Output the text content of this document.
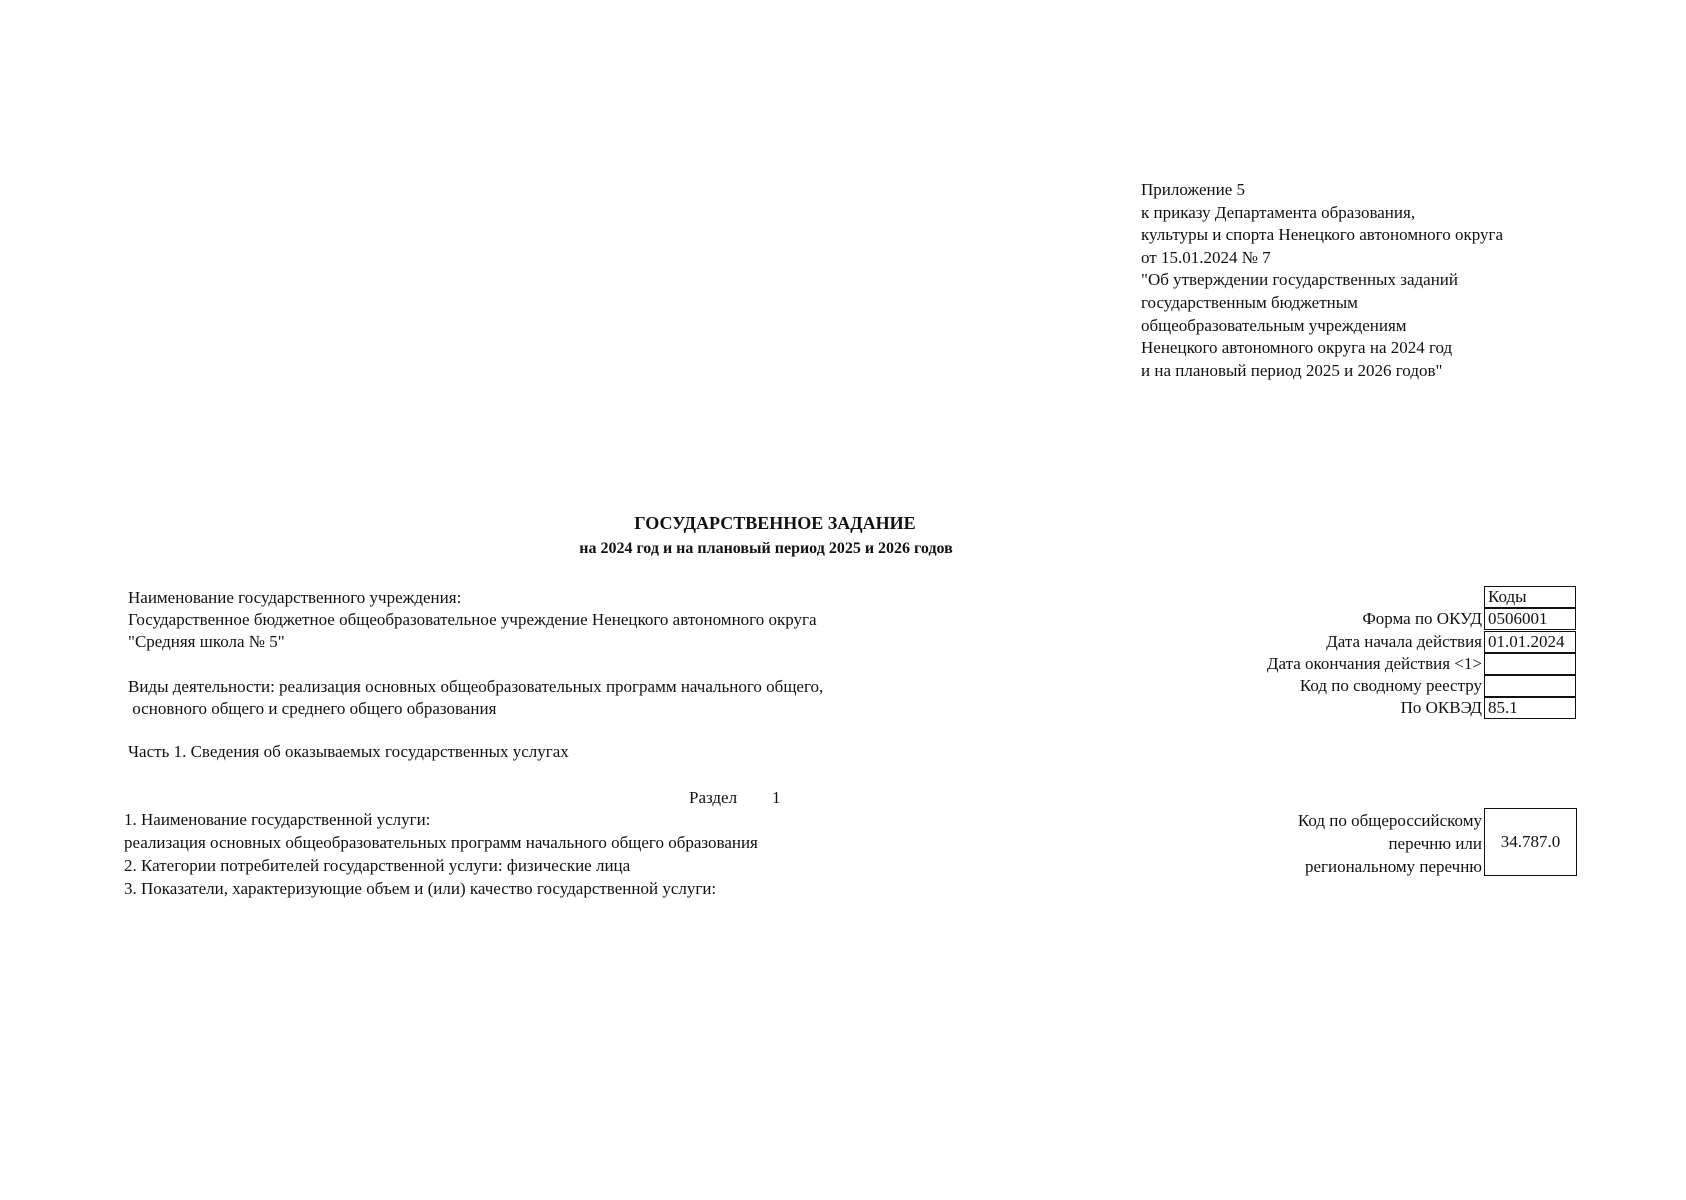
Приложение 5
к приказу Департамента образования,
культуры и спорта Ненецкого автономного округа
от 15.01.2024 № 7
"Об утверждении государственных заданий
государственным бюджетным
общеобразовательным учреждениям
Ненецкого автономного округа на 2024 год
и на плановый период 2025 и 2026 годов"
ГОСУДАРСТВЕННОЕ ЗАДАНИЕ
на 2024 год и на плановый период 2025 и 2026 годов
Наименование государственного учреждения:
Государственное бюджетное общеобразовательное учреждение Ненецкого автономного округа
"Средняя школа № 5"
Виды деятельности: реализация основных общеобразовательных программ начального общего,
основного общего и среднего общего образования
Коды
Форма по ОКУД 0506001
Дата начала действия 01.01.2024
Дата окончания действия <1>
Код по сводному реестру
По ОКВЭД 85.1
Часть 1. Сведения об оказываемых государственных услугах
Раздел 1
1. Наименование государственной услуги:
реализация основных общеобразовательных программ начального общего образования
2. Категории потребителей государственной услуги: физические лица
3. Показатели, характеризующие объем и (или) качество государственной услуги:
Код по общероссийскому
перечню или
региональному перечню
34.787.0
